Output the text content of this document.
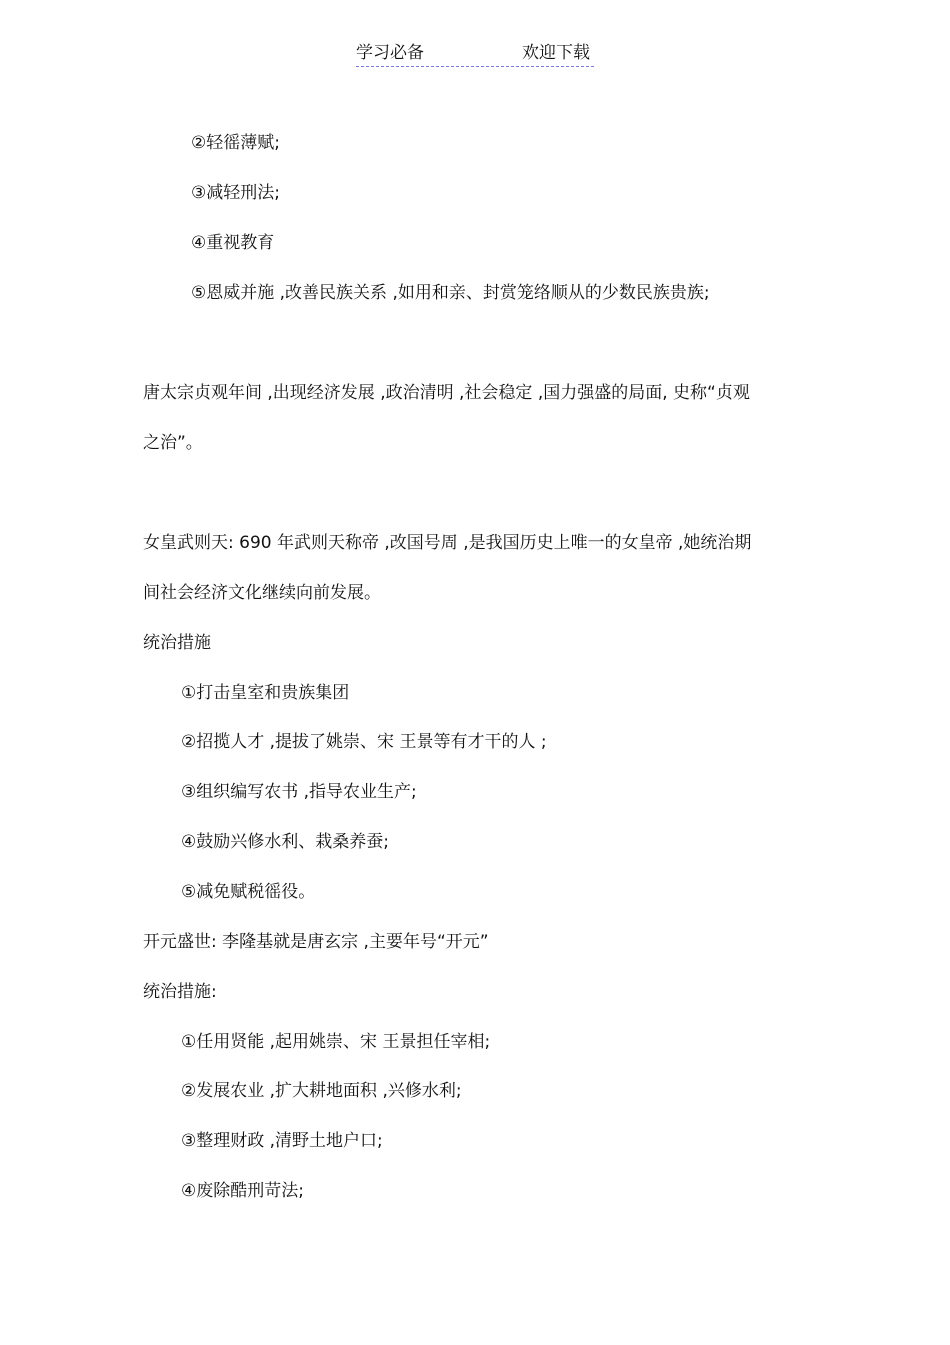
学习必备	欢迎下载
②轻徭薄赋;
③减轻刑法;
④重视教育
⑤恩威并施 ,改善民族关系 ,如用和亲、封赏笼络顺从的少数民族贵族;
唐太宗贞观年间 ,出现经济发展 ,政治清明 ,社会稳定 ,国力强盛的局面, 史称“贞观
之治”。
女皇武则天: 690 年武则天称帝 ,改国号周 ,是我国历史上唯一的女皇帝 ,她统治期
间社会经济文化继续向前发展。
统治措施
①打击皇室和贵族集团
②招揽人才 ,提拔了姚崇、宋 王景等有才干的人 ;
③组织编写农书 ,指导农业生产;
④鼓励兴修水利、栽桑养蚕;
⑤减免赋税徭役。
开元盛世: 李隆基就是唐玄宗 ,主要年号“开元”
统治措施:
①任用贤能 ,起用姚崇、宋 王景担任宰相;
②发展农业 ,扩大耕地面积 ,兴修水利;
③整理财政 ,清野土地户口;
④废除酷刑苛法;
